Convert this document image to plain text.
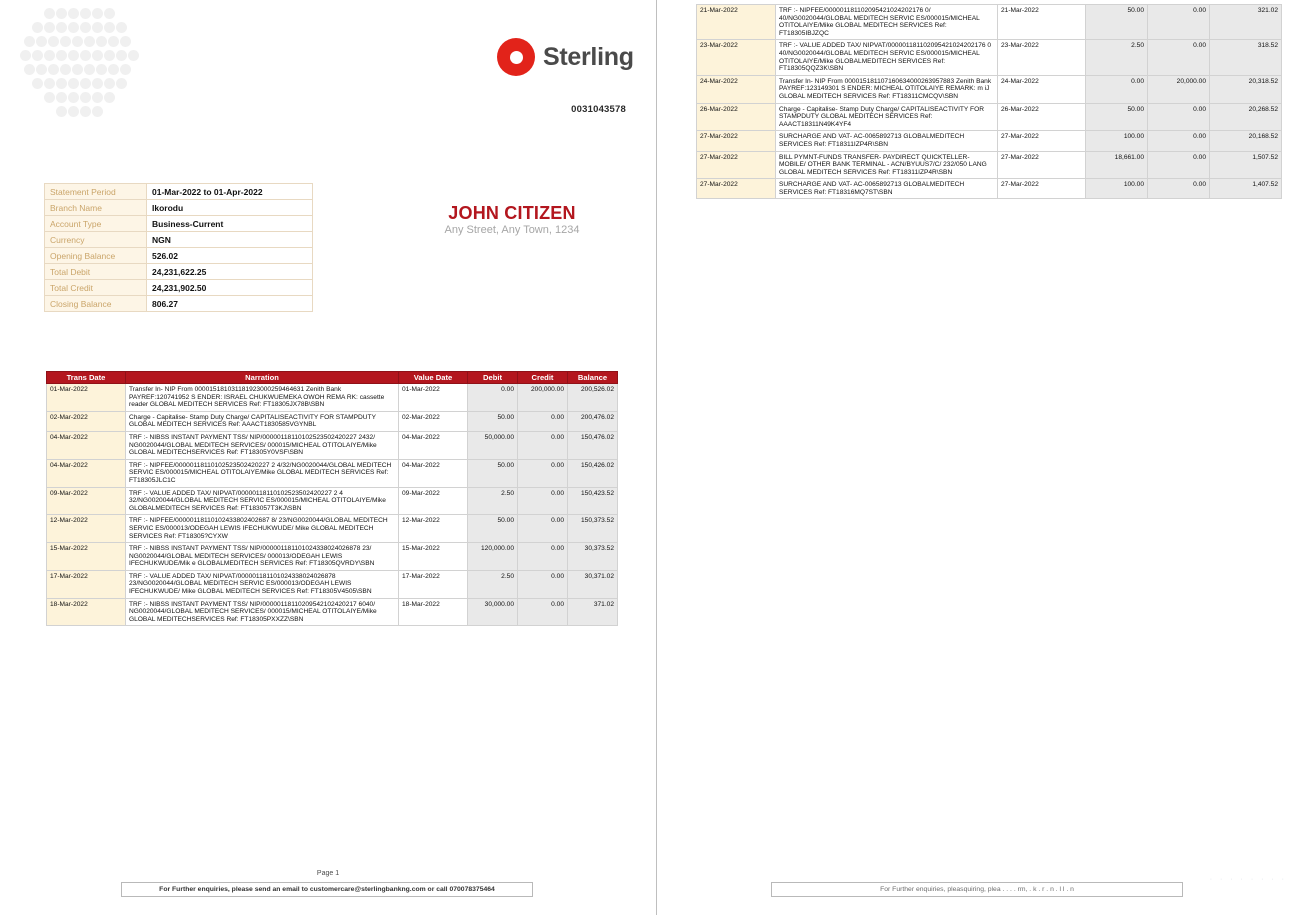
Sterling
0031043578
Statement Period	01-Mar-2022 to 01-Apr-2022
Branch Name	Ikorodu
Account Type	Business-Current
Currency	NGN
Opening Balance	526.02
Total Debit	24,231,622.25
Total Credit	24,231,902.50
Closing Balance	806.27
JOHN CITIZEN
Any Street, Any Town, 1234
Trans Date	Narration	Value Date	Debit	Credit	Balance
01-Mar-2022	Transfer In- NIP From 000015181031181923000259464631 Zenith Bank PAYREF:120741952 S ENDER: ISRAEL CHUKWUEMEKA OWOH REMA RK: cassette reader GLOBAL MEDITECH SERVICES Ref: FT18305JX78B\SBN	01-Mar-2022	0.00	200,000.00	200,526.02
02-Mar-2022	Charge - Capitalise- Stamp Duty Charge/ CAPITALISEACTIVITY FOR STAMPDUTY GLOBAL MEDITECH SERVICES Ref: AAACT1830585VGYNBL	02-Mar-2022	50.00	0.00	200,476.02
04-Mar-2022	TRF :- NIBSS INSTANT PAYMENT TSS/ NIP/00000118110102523502420227 2432/ NG0020044/GLOBAL MEDITECH SERVICES/ 000015/MICHEAL OTITOLAIYE/Mike GLOBAL MEDITECHSERVICES Ref: FT18305Y0VSF\SBN	04-Mar-2022	50,000.00	0.00	150,476.02
04-Mar-2022	TRF :- NIPFEE/00000118110102523502420227 2 4/32/NG0020044/GLOBAL MEDITECH SERVIC ES/000015/MICHEAL OTITOLAIYE/Mike GLOBAL MEDITECH SERVICES Ref: FT18305JLC1C	04-Mar-2022	50.00	0.00	150,426.02
09-Mar-2022	TRF :- VALUE ADDED TAX/ NIPVAT/00000118110102523502420227 2 4 32/NG0020044/GLOBAL MEDITECH SERVIC ES/000015/MICHEAL OTITOLAIYE/Mike GLOBALMEDITECH SERVICES Ref: FT183057T3KJ\SBN	09-Mar-2022	2.50	0.00	150,423.52
12-Mar-2022	TRF :- NIPFEE/00000118110102433802402687 8/ 23/NG0020044/GLOBAL MEDITECH SERVIC ES/000013/ODEGAH LEWIS IFECHUKWUDE/ Mike GLOBAL MEDITECH SERVICES Ref: FT18305?CYXW	12-Mar-2022	50.00	0.00	150,373.52
15-Mar-2022	TRF :- NIBSS INSTANT PAYMENT TSS/ NIP/000001181101024338024026878 23/ NG0020044/GLOBAL MEDITECH SERVICES/ 000013/ODEGAH LEWIS IFECHUKWUDE/Mik e GLOBALMEDITECH SERVICES Ref: FT18305QVRDY\SBN	15-Mar-2022	120,000.00	0.00	30,373.52
17-Mar-2022	TRF :- VALUE ADDED TAX/ NIPVAT/000001181101024338024026878 23/NG0020044/GLOBAL MEDITECH SERVIC ES/000013/ODEGAH LEWIS IFECHUKWUDE/ Mike GLOBAL MEDITECH SERVICES Ref: FT18305V4505\SBN	17-Mar-2022	2.50	0.00	30,371.02
18-Mar-2022	TRF :- NIBSS INSTANT PAYMENT TSS/ NIP/00000118110209542102420217 6040/ NG0020044/GLOBAL MEDITECH SERVICES/ 000015/MICHEAL OTITOLAIYE/Mike GLOBAL MEDITECHSERVICES Ref: FT18305PXXZZ\SBN	18-Mar-2022	30,000.00	0.00	371.02
Page 1
For Further enquiries, please send an email to customercare@sterlingbankng.com or call 070078375464
21-Mar-2022	TRF :- NIPFEE/000001181102095421024202176 0/ 40/NG0020044/GLOBAL MEDITECH SERVIC ES/000015/MICHEAL OTITOLAIYE/Mike GLOBAL MEDITECH SERVICES Ref: FT18305IBJZQC	21-Mar-2022	50.00	0.00	321.02
23-Mar-2022	TRF :- VALUE ADDED TAX/ NIPVAT/000001181102095421024202176 0 40/NG0020044/GLOBAL MEDITECH SERVIC ES/000015/MICHEAL OTITOLAIYE/Mike GLOBALMEDITECH SERVICES Ref: FT18305QQZ3K\SBN	23-Mar-2022	2.50	0.00	318.52
24-Mar-2022	Transfer In- NIP From 000015181107160634000263957883 Zenith Bank PAYREF:123149301 S ENDER: MICHEAL OTITOLAIYE REMARK: m iJ GLOBAL MEDITECH SERVICES Ref: FT18311CMCQV\SBN	24-Mar-2022	0.00	20,000.00	20,318.52
26-Mar-2022	Charge - Capitalise- Stamp Duty Charge/ CAPITALISEACTIVITY FOR STAMPDUTY GLOBAL MEDITECH SERVICES Ref: AAACT18311N49K4YF4	26-Mar-2022	50.00	0.00	20,268.52
27-Mar-2022	SURCHARGE AND VAT- AC-0065892713 GLOBALMEDITECH SERVICES Ref: FT18311IZP4R\SBN	27-Mar-2022	100.00	0.00	20,168.52
27-Mar-2022	BILL PYMNT-FUNDS TRANSFER- PAYDIRECT QUICKTELLER-MOBILE/ OTHER BANK TERMINAL - ACN/BYUUS7/C/ 232/050 LANG GLOBAL MEDITECH SERVICES Ref: FT18311IZP4R\SBN	27-Mar-2022	18,661.00	0.00	1,507.52
27-Mar-2022	SURCHARGE AND VAT- AC-0065892713 GLOBALMEDITECH SERVICES Ref: FT18316MQ7ST\SBN	27-Mar-2022	100.00	0.00	1,407.52
For Further enquiries, pleasquiring, plea . . . . rm, . k . r . n . l l . n
· · · · · · · ·
